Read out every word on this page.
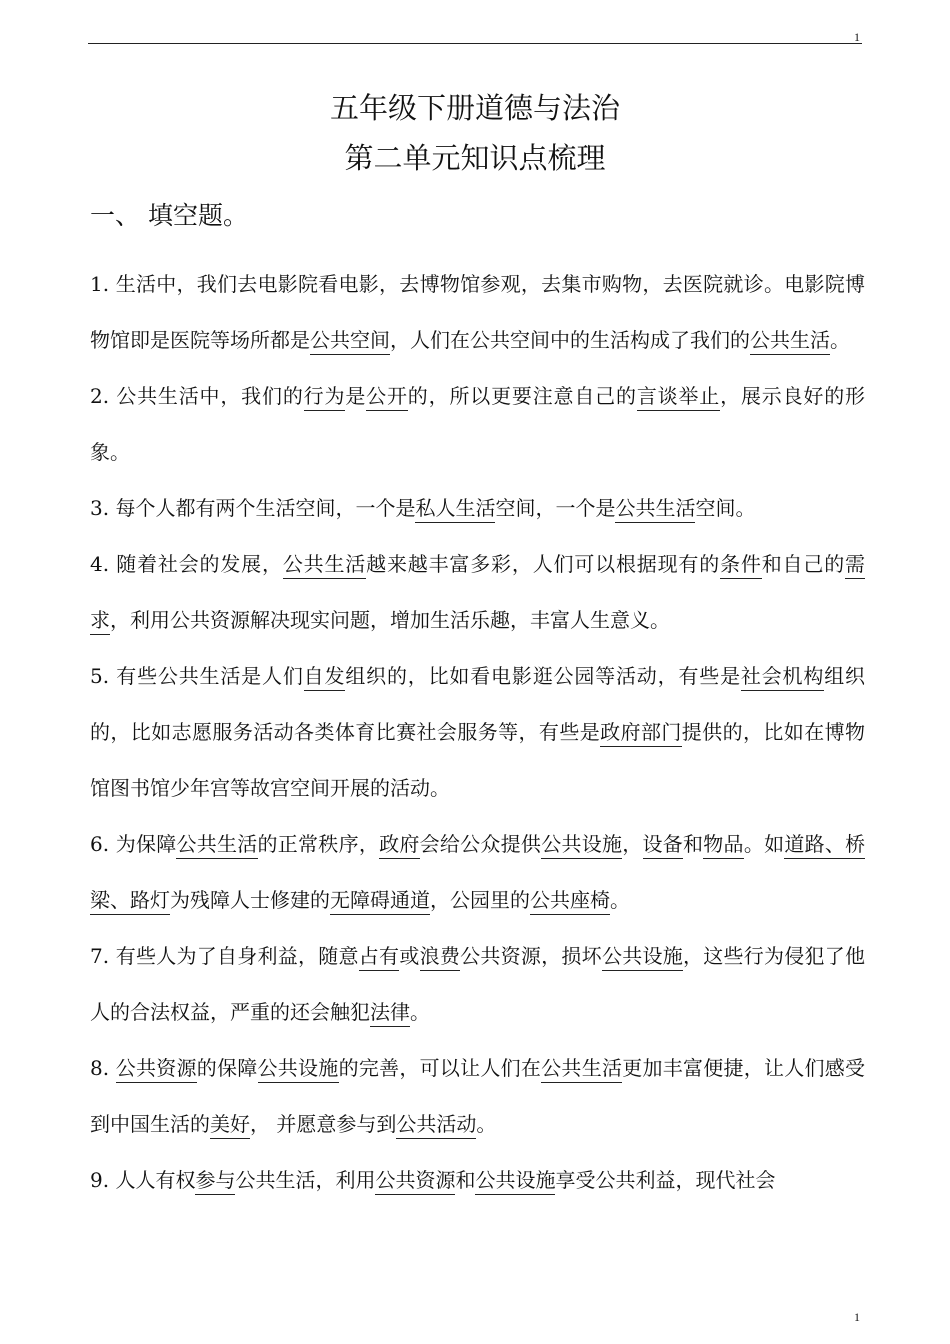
1
五年级下册道德与法治
第二单元知识点梳理
一、 填空题。

1. 生活中，我们去电影院看电影，去博物馆参观，去集市购物，去医院就诊。电影院博物馆即是医院等场所都是公共空间，人们在公共空间中的生活构成了我们的公共生活。

2. 公共生活中，我们的行为是公开的，所以更要注意自己的言谈举止，展示良好的形象。

3. 每个人都有两个生活空间，一个是私人生活空间，一个是公共生活空间。

4. 随着社会的发展，公共生活越来越丰富多彩，人们可以根据现有的条件和自己的需求，利用公共资源解决现实问题，增加生活乐趣，丰富人生意义。

5. 有些公共生活是人们自发组织的，比如看电影逛公园等活动，有些是社会机构组织的，比如志愿服务活动各类体育比赛社会服务等，有些是政府部门提供的，比如在博物馆图书馆少年宫等故宫空间开展的活动。

6. 为保障公共生活的正常秩序，政府会给公众提供公共设施，设备和物品。如道路、桥梁、路灯为残障人士修建的无障碍通道，公园里的公共座椅。

7. 有些人为了自身利益，随意占有或浪费公共资源，损坏公共设施，这些行为侵犯了他人的合法权益，严重的还会触犯法律。

8. 公共资源的保障公共设施的完善，可以让人们在公共生活更加丰富便捷，让人们感受到中国生活的美好， 并愿意参与到公共活动。

9. 人人有权参与公共生活，利用公共资源和公共设施享受公共利益，现代社会

1
